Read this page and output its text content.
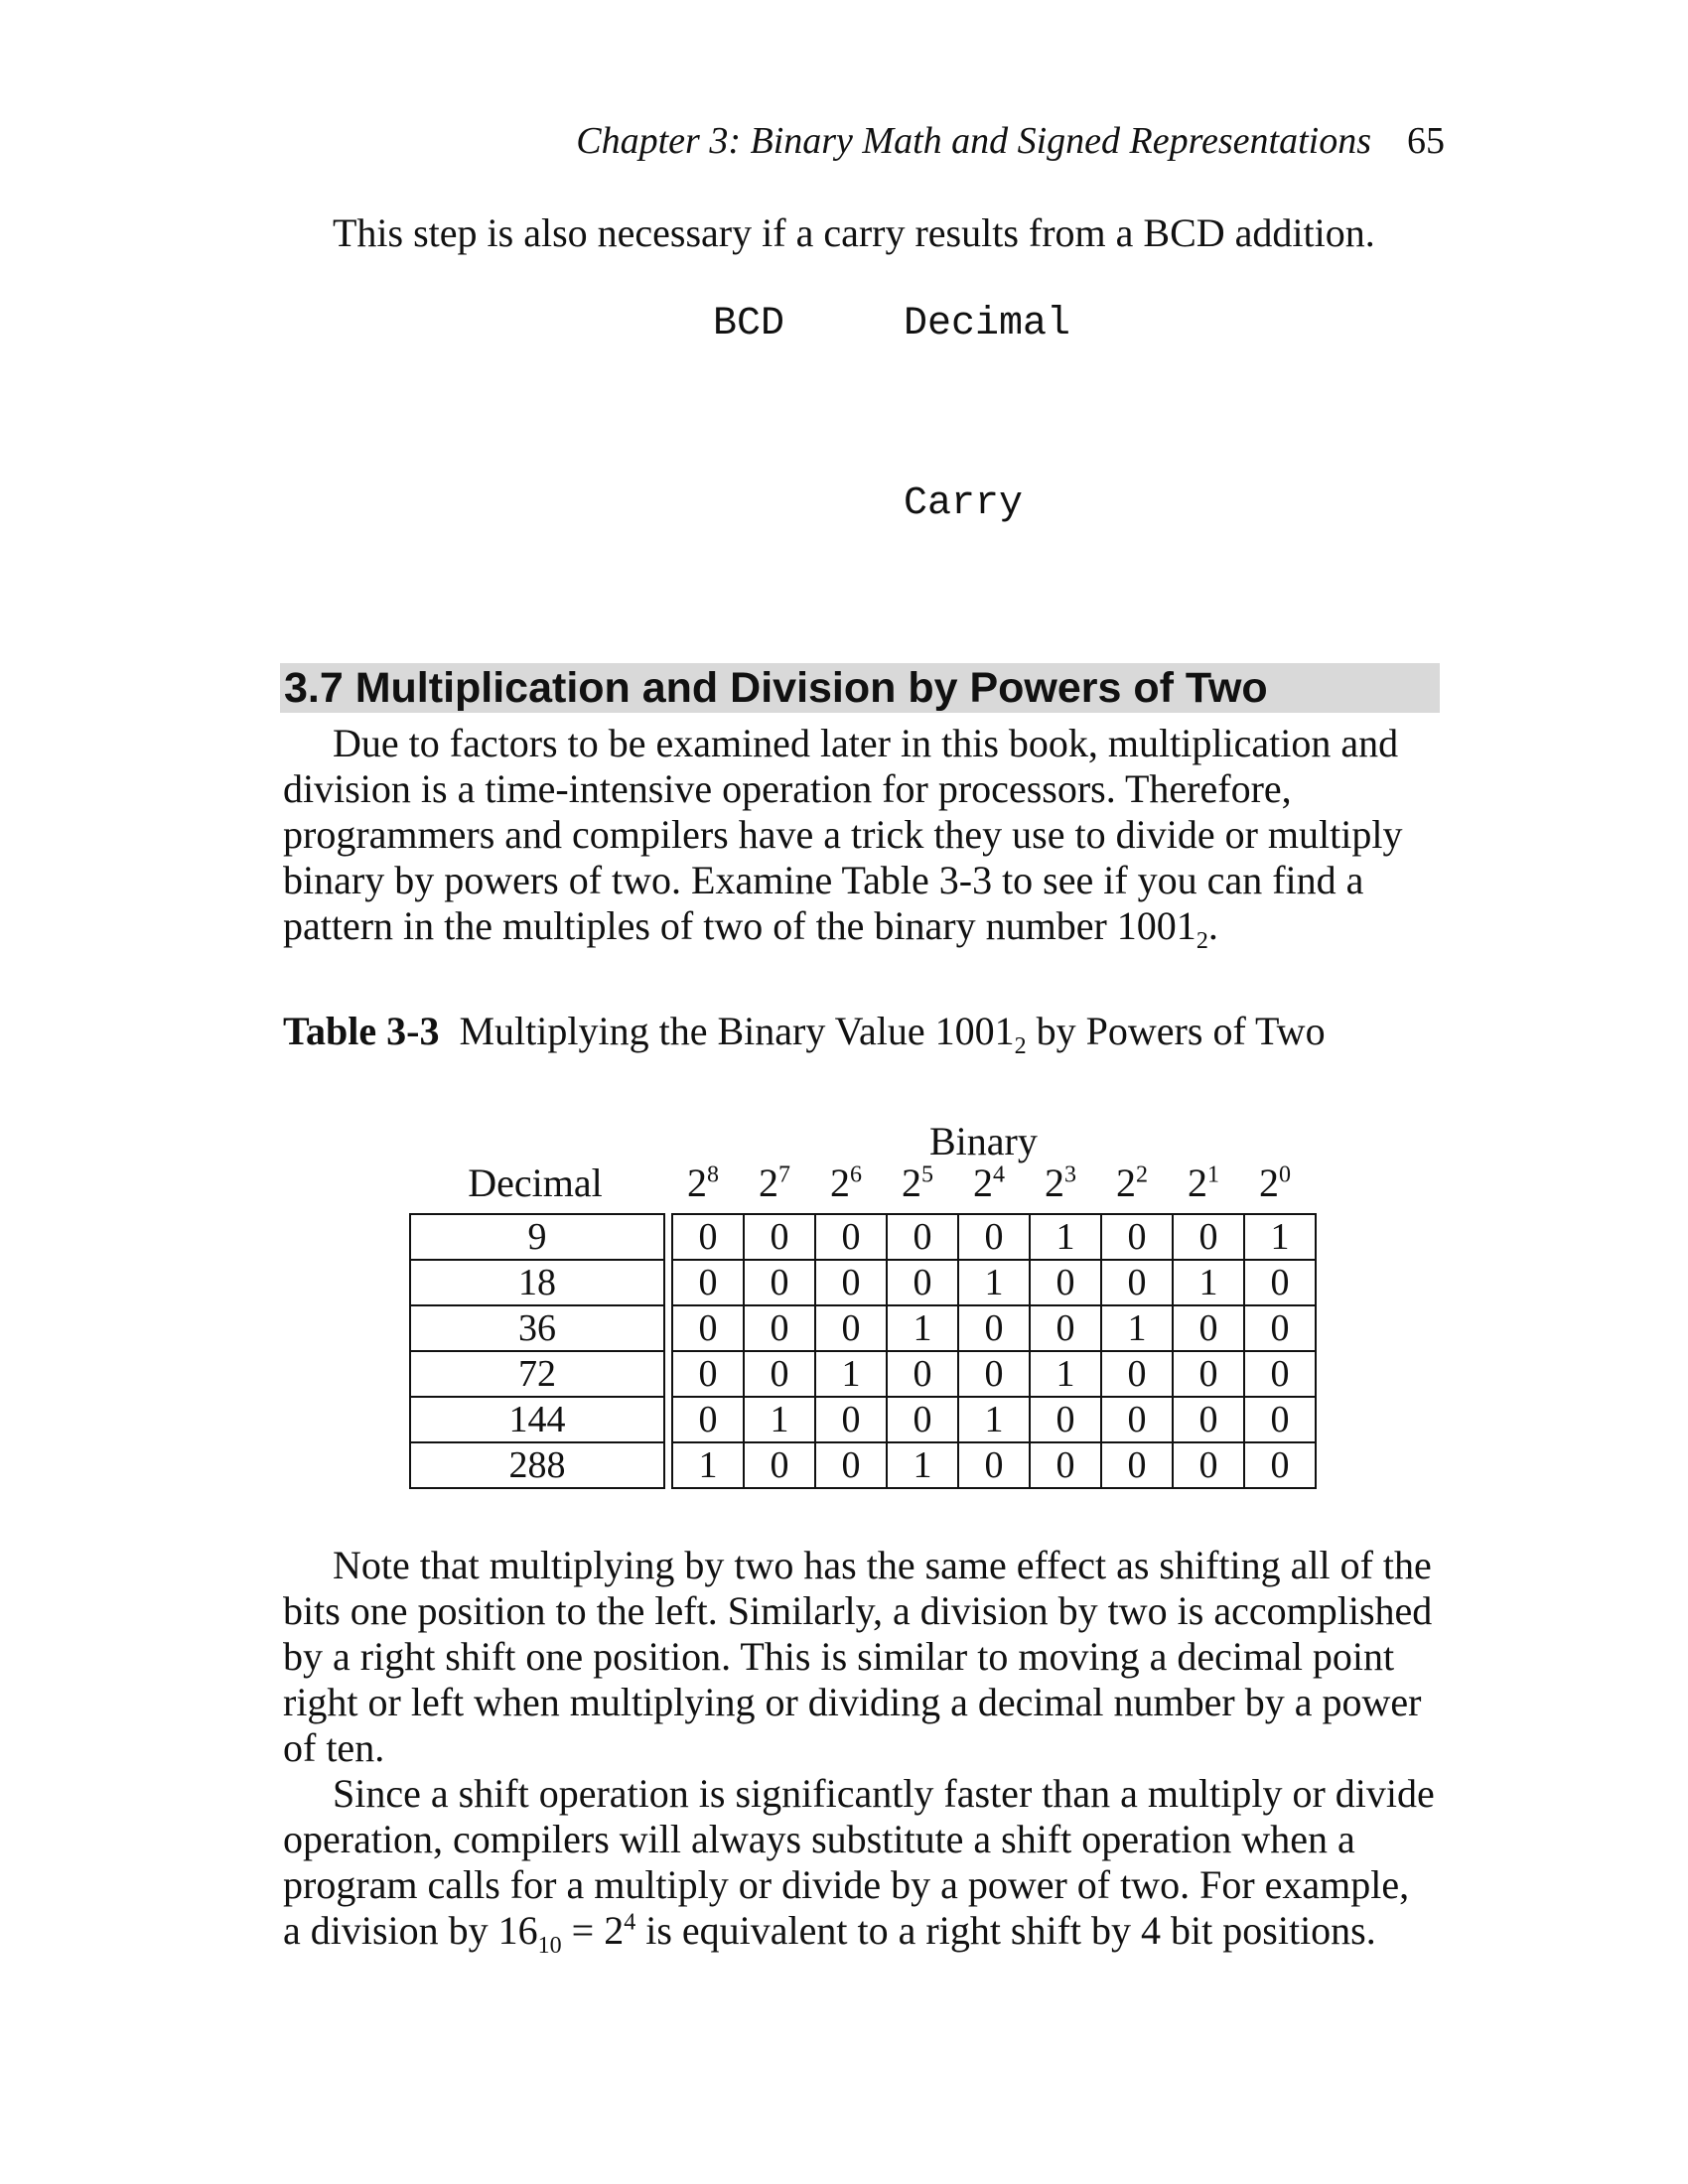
Chapter 3: Binary Math and Signed Representations 65

This step is also necessary if a carry results from a BCD addition.

BCD	Decimal
Carry
3.7 Multiplication and Division by Powers of Two

Due to factors to be examined later in this book, multiplication and division is a time-intensive operation for processors. Therefore, programmers and compilers have a trick they use to divide or multiply binary by powers of two. Examine Table 3-3 to see if you can find a pattern in the multiples of two of the binary number $1001_2$.

Table 3-3 Multiplying the Binary Value $1001_2$ by Powers of Two
Binary
Decimal	$2^8$	$2^7$	$2^6$	$2^5$	$2^4$	$2^3$	$2^2$	$2^1$	$2^0$
9		0	0	0	0	0	1	0	0	1
18		0	0	0	0	1	0	0	1	0
36		0	0	0	1	0	0	1	0	0
72		0	0	1	0	0	1	0	0	0
144		0	1	0	0	1	0	0	0	0
288		1	0	0	1	0	0	0	0	0

Note that multiplying by two has the same effect as shifting all of the bits one position to the left. Similarly, a division by two is accomplished by a right shift one position. This is similar to moving a decimal point right or left when multiplying or dividing a decimal number by a power of ten.

Since a shift operation is significantly faster than a multiply or divide operation, compilers will always substitute a shift operation when a program calls for a multiply or divide by a power of two. For example, a division by $16_{10} = 2^4$ is equivalent to a right shift by 4 bit positions.
